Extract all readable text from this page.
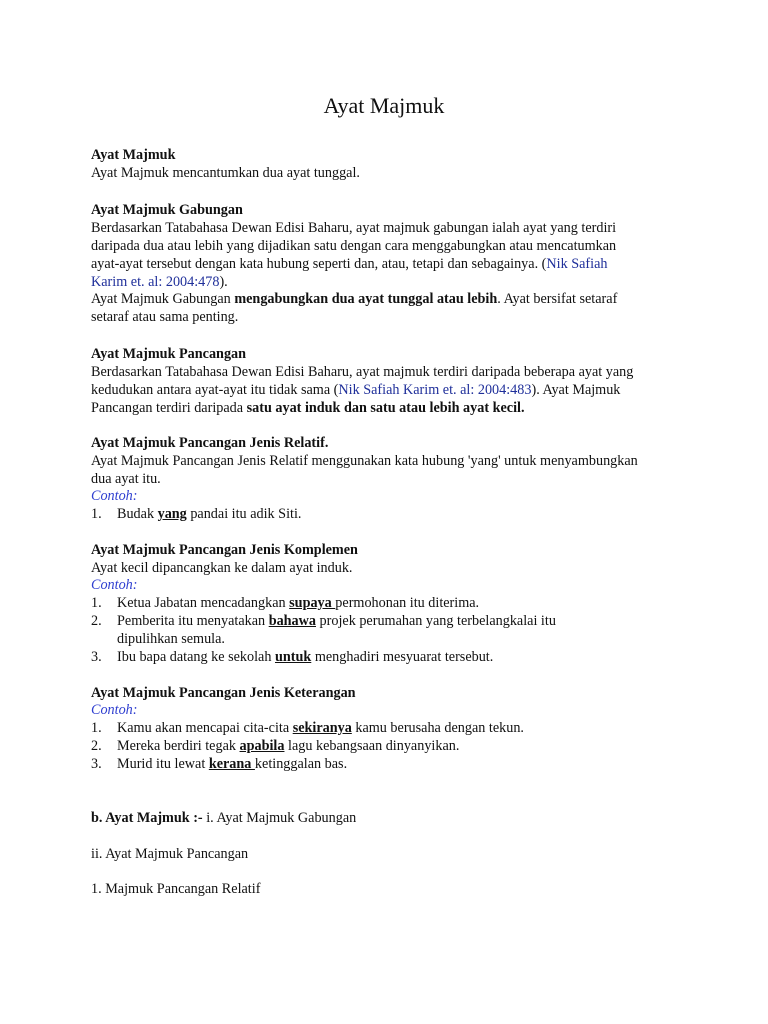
Ayat Majmuk
Ayat Majmuk
Ayat Majmuk mencantumkan dua ayat tunggal.
Ayat Majmuk Gabungan
Berdasarkan Tatabahasa Dewan Edisi Baharu, ayat majmuk gabungan ialah ayat yang terdiri
daripada dua atau lebih yang dijadikan satu dengan cara menggabungkan atau mencatumkan
ayat-ayat tersebut dengan kata hubung seperti dan, atau, tetapi dan sebagainya. (Nik Safiah
Karim et. al: 2004:478).
Ayat Majmuk Gabungan mengabungkan dua ayat tunggal atau lebih. Ayat bersifat setaraf
setaraf atau sama penting.
Ayat Majmuk Pancangan
Berdasarkan Tatabahasa Dewan Edisi Baharu, ayat majmuk terdiri daripada beberapa ayat yang
kedudukan antara ayat-ayat itu tidak sama (Nik Safiah Karim et. al: 2004:483). Ayat Majmuk
Pancangan terdiri daripada satu ayat induk dan satu atau lebih ayat kecil.
Ayat Majmuk Pancangan Jenis Relatif.
Ayat Majmuk Pancangan Jenis Relatif menggunakan kata hubung 'yang' untuk menyambungkan
dua ayat itu.
Contoh:
1. Budak yang pandai itu adik Siti.
Ayat Majmuk Pancangan Jenis Komplemen
Ayat kecil dipancangkan ke dalam ayat induk.
Contoh:
1. Ketua Jabatan mencadangkan supaya permohonan itu diterima.
2. Pemberita itu menyatakan bahawa projek perumahan yang terbelangkalai itu
dipulihkan semula.
3. Ibu bapa datang ke sekolah untuk menghadiri mesyuarat tersebut.
Ayat Majmuk Pancangan Jenis Keterangan
Contoh:
1. Kamu akan mencapai cita-cita sekiranya kamu berusaha dengan tekun.
2. Mereka berdiri tegak apabila lagu kebangsaan dinyanyikan.
3. Murid itu lewat kerana ketinggalan bas.
b. Ayat Majmuk :- i. Ayat Majmuk Gabungan
ii. Ayat Majmuk Pancangan
1. Majmuk Pancangan Relatif
